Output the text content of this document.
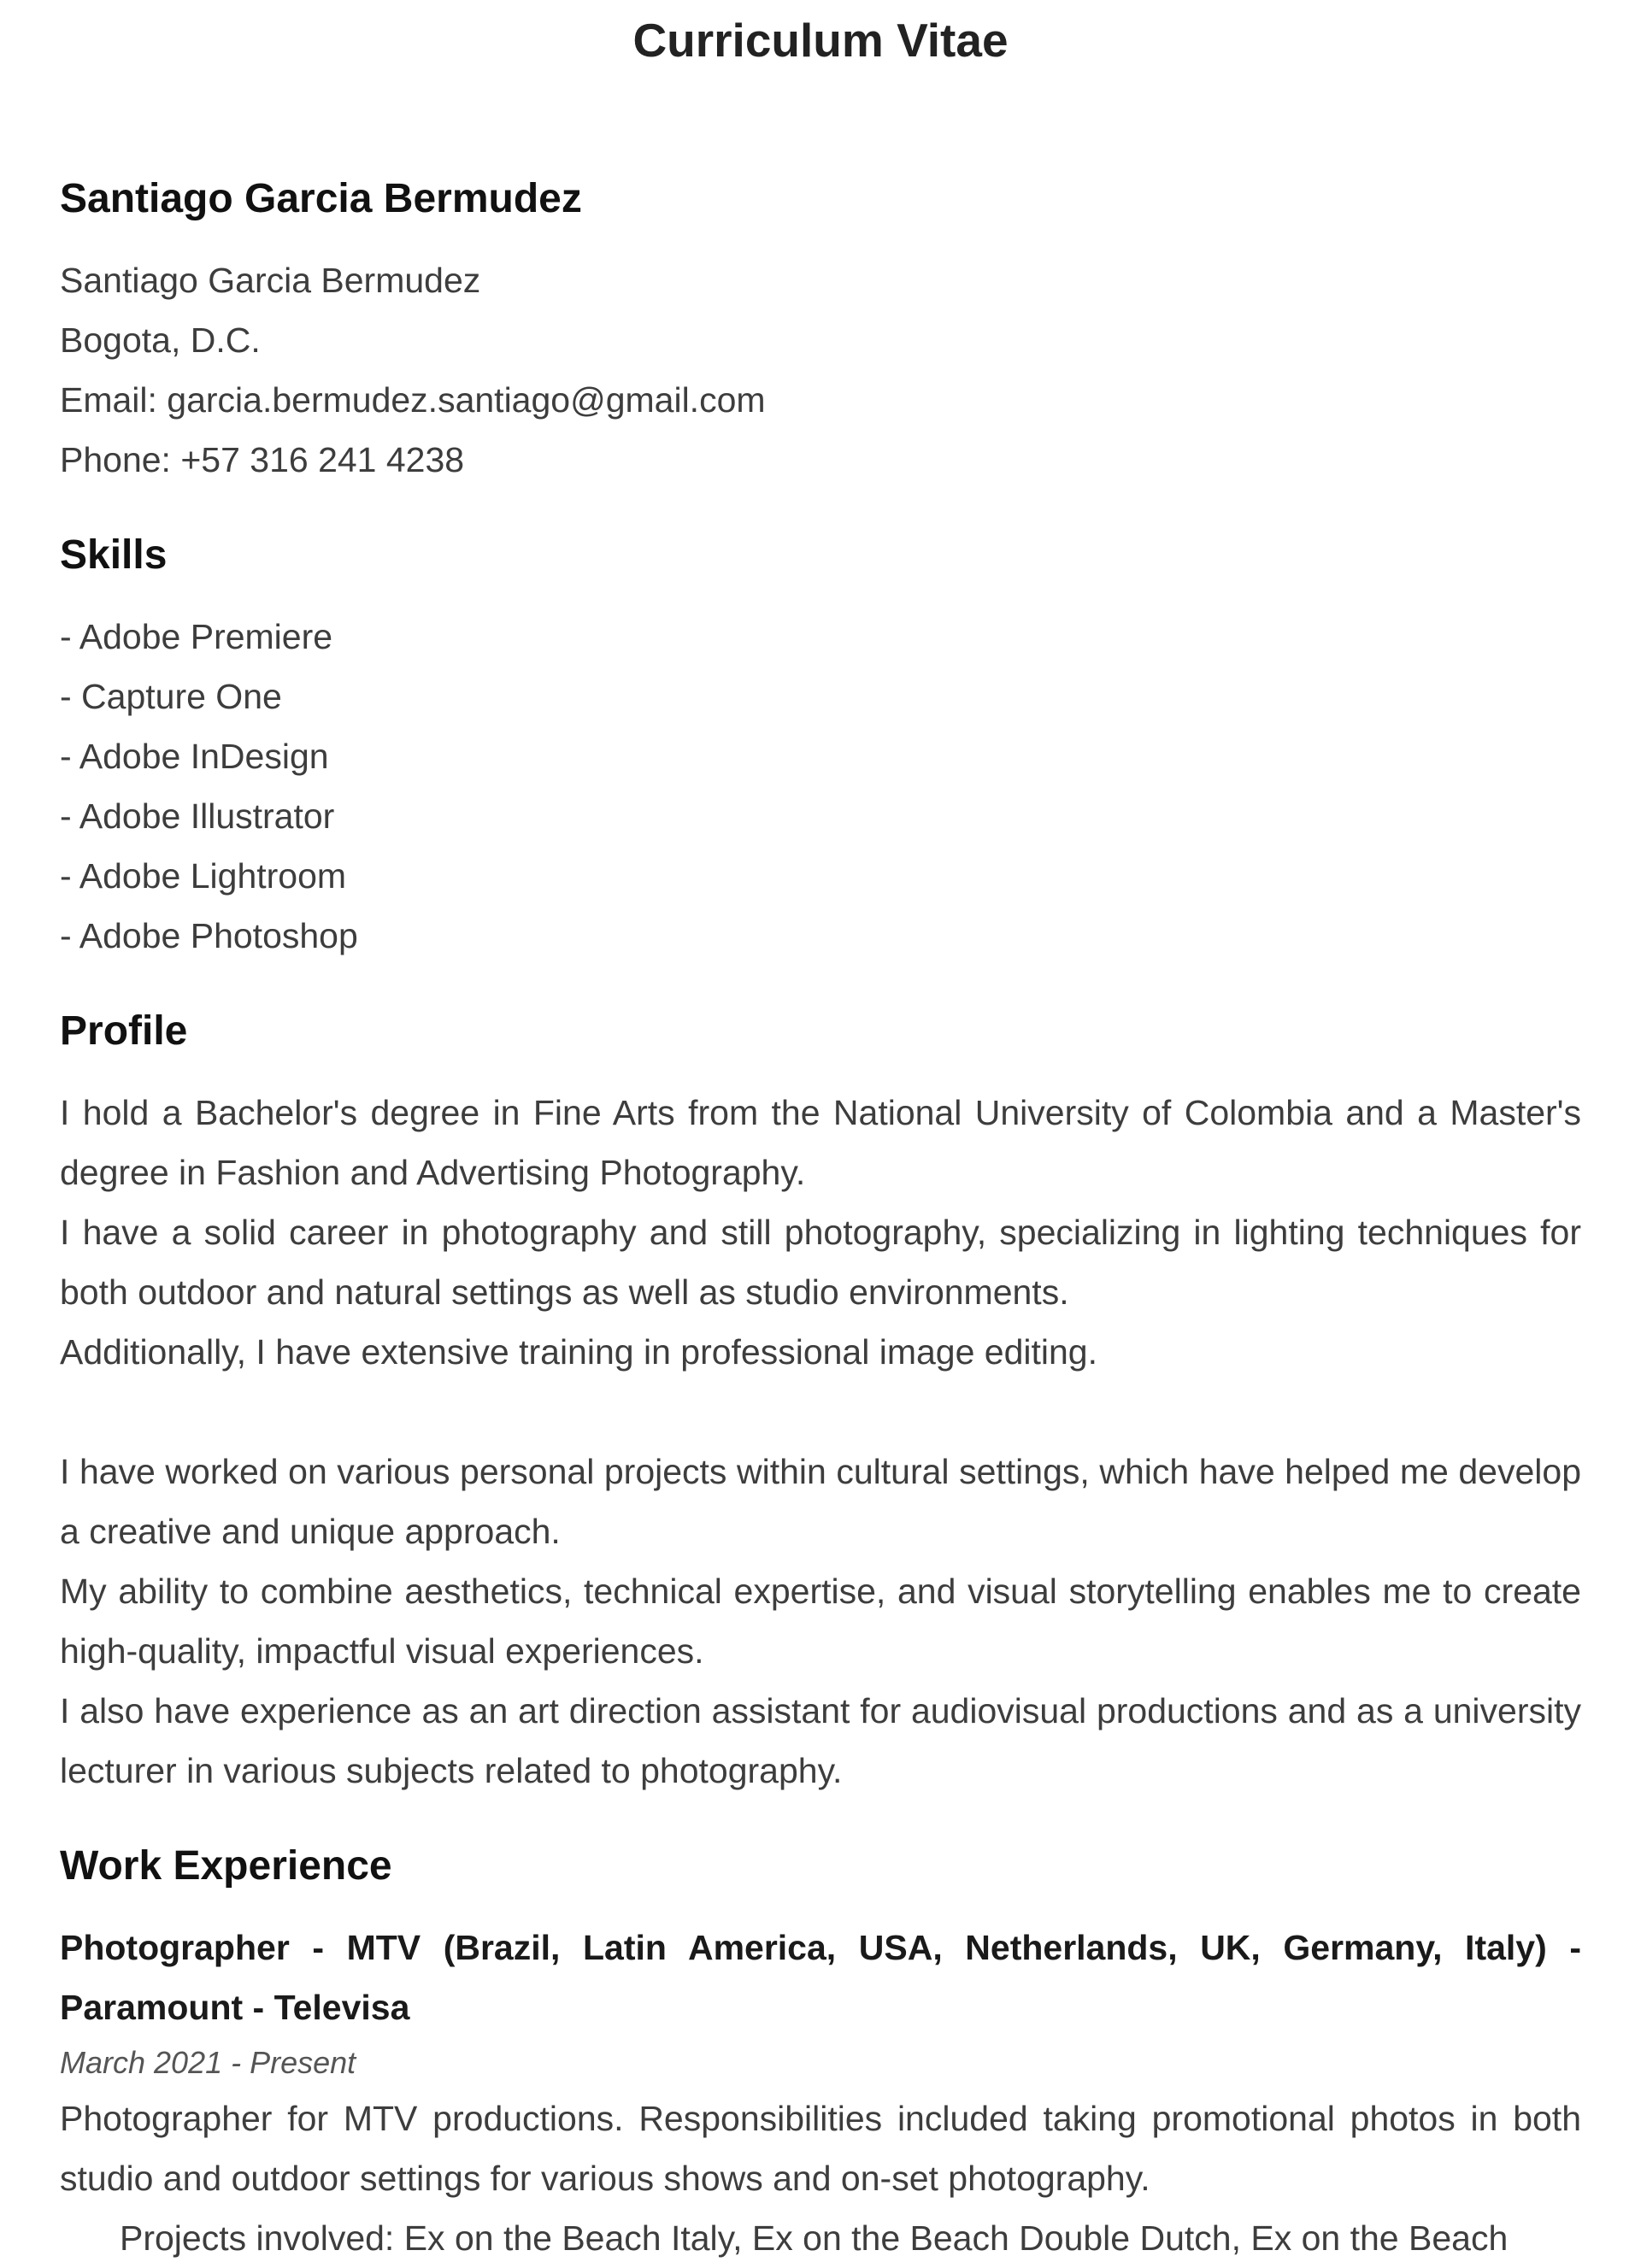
Curriculum Vitae
Santiago Garcia Bermudez
Santiago Garcia Bermudez
Bogota, D.C.
Email: garcia.bermudez.santiago@gmail.com
Phone: +57 316 241 4238
Skills
- Adobe Premiere
- Capture One
- Adobe InDesign
- Adobe Illustrator
- Adobe Lightroom
- Adobe Photoshop
Profile

I hold a Bachelor's degree in Fine Arts from the National University of Colombia and a Master's degree in Fashion and Advertising Photography.

I have a solid career in photography and still photography, specializing in lighting techniques for both outdoor and natural settings as well as studio environments.

Additionally, I have extensive training in professional image editing.

I have worked on various personal projects within cultural settings, which have helped me develop a creative and unique approach.

My ability to combine aesthetics, technical expertise, and visual storytelling enables me to create high-quality, impactful visual experiences.

I also have experience as an art direction assistant for audiovisual productions and as a university lecturer in various subjects related to photography.

Work Experience

Photographer - MTV (Brazil, Latin America, USA, Netherlands, UK, Germany, Italy) - Paramount - Televisa

March 2021 - Present

Photographer for MTV productions. Responsibilities included taking promotional photos in both studio and outdoor settings for various shows and on-set photography.

Projects involved: Ex on the Beach Italy, Ex on the Beach Double Dutch, Ex on the Beach
